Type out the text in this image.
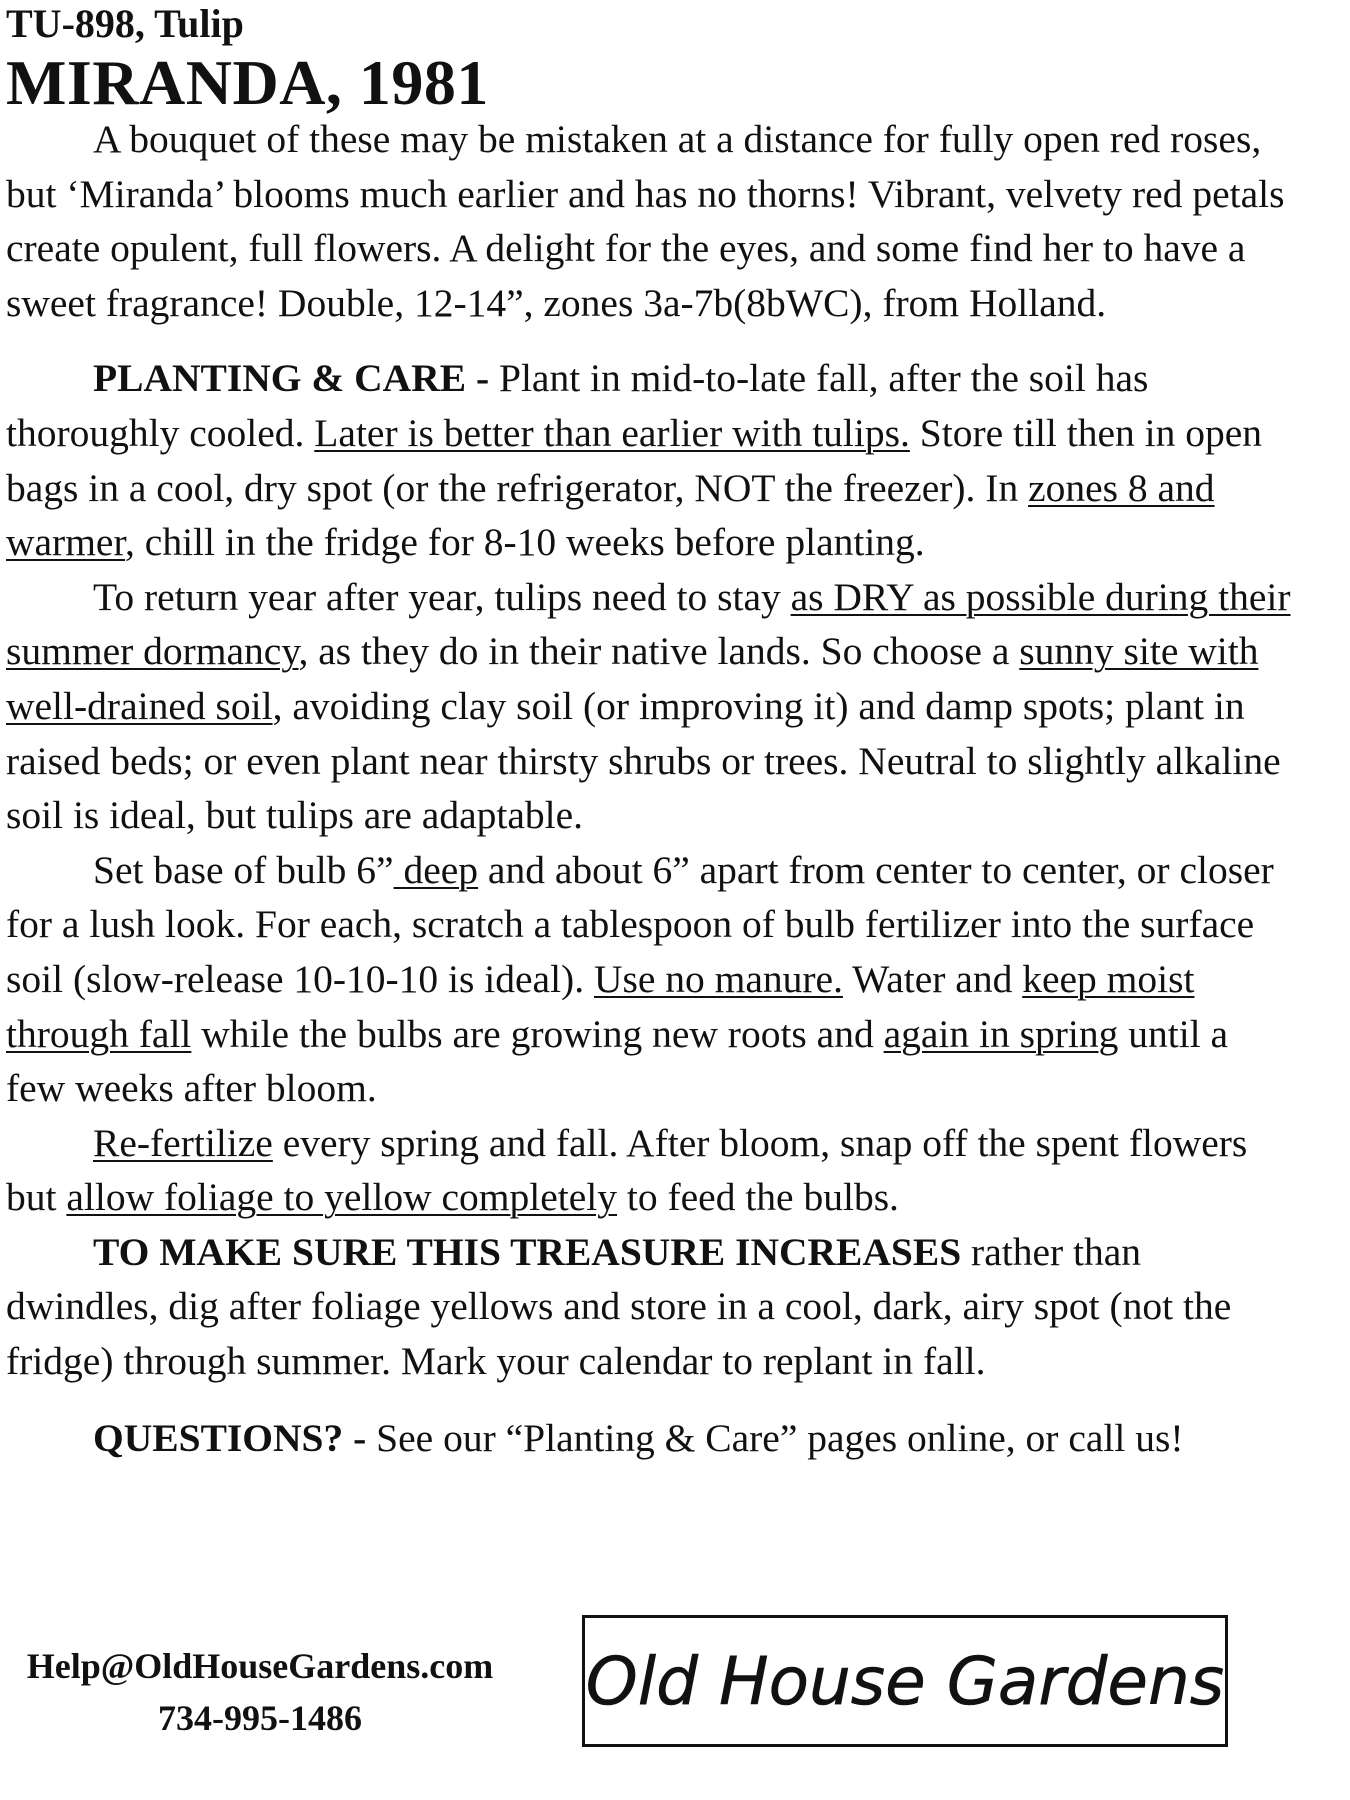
TU-898, Tulip
MIRANDA, 1981

A bouquet of these may be mistaken at a distance for fully open red roses, but ‘Miranda’ blooms much earlier and has no thorns! Vibrant, velvety red petals create opulent, full flowers. A delight for the eyes, and some find her to have a sweet fragrance! Double, 12-14”, zones 3a-7b(8bWC), from Holland.

PLANTING & CARE - Plant in mid-to-late fall, after the soil has thoroughly cooled. Later is better than earlier with tulips. Store till then in open bags in a cool, dry spot (or the refrigerator, NOT the freezer). In zones 8 and warmer, chill in the fridge for 8-10 weeks before planting.

To return year after year, tulips need to stay as DRY as possible during their summer dormancy, as they do in their native lands. So choose a sunny site with well-drained soil, avoiding clay soil (or improving it) and damp spots; plant in raised beds; or even plant near thirsty shrubs or trees. Neutral to slightly alkaline soil is ideal, but tulips are adaptable.

Set base of bulb 6” deep and about 6” apart from center to center, or closer for a lush look. For each, scratch a tablespoon of bulb fertilizer into the surface soil (slow-release 10-10-10 is ideal). Use no manure. Water and keep moist through fall while the bulbs are growing new roots and again in spring until a few weeks after bloom.

Re-fertilize every spring and fall. After bloom, snap off the spent flowers but allow foliage to yellow completely to feed the bulbs.

TO MAKE SURE THIS TREASURE INCREASES rather than dwindles, dig after foliage yellows and store in a cool, dark, airy spot (not the fridge) through summer. Mark your calendar to replant in fall.

QUESTIONS? - See our “Planting & Care” pages online, or call us!

Help@OldHouseGardens.com
734-995-1486	Old House Gardens
